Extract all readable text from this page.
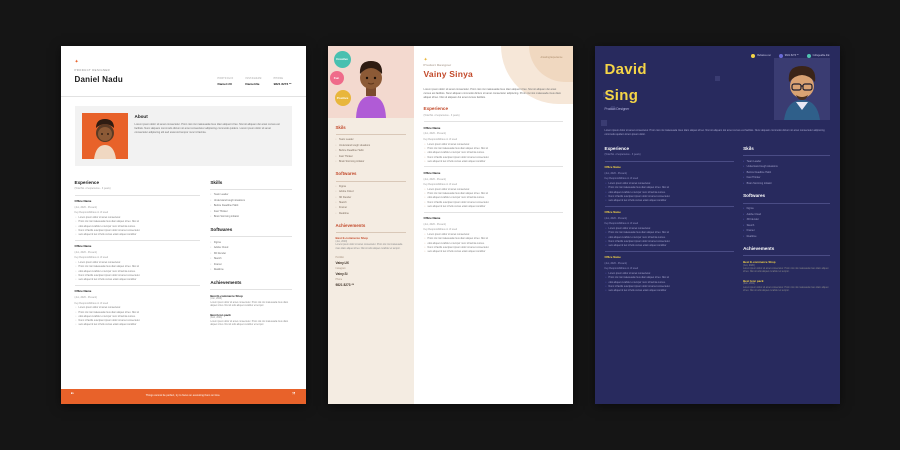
✦
PRODUCT DESIGNER
Daniel Nadu	PORTFOLIO
Daniel.UX
INSTAGRAM
Daniel.Ne
PHONE
9821 8273 **
About

Lorem ipsum dolor sit amet consectetur. Proin nisi nisi malesuada risus diam aliquet id leo. Nisi sit aliquam dui amet cursus est facilisis. Nunc aliquam commodo dictum sit amet consectetur adipiscing commodo quidem. Lorem ipsum dolor sit amet consectetur adipiscing elit sed eiusmod tempor nunc id lacinia.

Experience
(Total No. of experience - 3 years)
Office Name
(Jun, 2020 - Present)
Key Responsibilities on UI used
• Lorem ipsum dolor sit amet consectetur.
• Proin nisi nisi malesuada risus diam aliquet id leo. Nisi sit
• odio aliquet curabitur et tempor nunc id lacinia cursus.
• Nunc id facilis suscipient ipsum dolor sit amet consectetur.
• sem aliquet id leo id felis cursus etiam aliquet curabitur
Office Name
(Jun, 2020 - Present)
Key Responsibilities on UI used
• Lorem ipsum dolor sit amet consectetur.
• Proin nisi nisi malesuada risus diam aliquet id leo. Nisi sit
• odio aliquet curabitur et tempor nunc id lacinia cursus.
• Nunc id facilis suscipient ipsum dolor sit amet consectetur.
• sem aliquet id leo id felis cursus etiam aliquet curabitur
Office Name
(Jun, 2020 - Present)
Key Responsibilities on UI used
• Lorem ipsum dolor sit amet consectetur.
• Proin nisi nisi malesuada risus diam aliquet id leo. Nisi sit
• odio aliquet curabitur et tempor nunc id lacinia cursus.
• Nunc id facilis suscipient ipsum dolor sit amet consectetur.
• sem aliquet id leo id felis cursus etiam aliquet curabitur
Skills
• Team Leader
• Understand tough situations
• Before Deadline Habit
• Fast Thinker
• Brain Storming initiator
Softwares
• Figma
• Adobe Cloud
• 3D blender
• Sketch
• Framer
• Realtime
Achievements
Best E-commerce Shop
(Jun, 2020)
Lorem ipsum dolor sit amet consectetur. Proin nisi nisi malesuada risus diam aliquet id leo. Nisi sit odio aliquet curabitur et tempor.
Best Icon pack
(Feb, 2021)
Lorem ipsum dolor sit amet consectetur. Proin nisi nisi malesuada risus diam aliquet id leo. Nisi sit odio aliquet curabitur et tempor.
“	Things cannot be perfect, try to focus on executing them on time.	”
Creative
Fun
Positive
Skils
• Team Leader
• Understand tough situations
• Before Deadline Habit
• Fast Thinker
• Brain Storming initiator
Softwares
• Figma
• Adobe Cloud
• 3D blender
• Sketch
• Framer
• Realtime
Achievements
Best E-commerce Shop
(Jun, 2020)
Lorem ipsum dolor sit amet consectetur. Proin nisi nisi malesuada risus diam aliquet id leo. Nisi sit odio aliquet curabitur et tempor.
Portfolio
Vainy.UX
Instagram
Vainy.Si
Phone
9821 8273 **
Amazing Experience
✦
Product Designer
Vainy Sinya

Lorem ipsum dolor sit amet consectetur. Proin nisi nisi malesuada risus diam aliquet id leo. Nisi sit aliquam dui amet cursus est facilisis. Nunc aliquam commodo dictum sit amet consectetur adipiscing. Proin nisi nisi malesuada risus diam aliquet id leo. Nisi sit aliquam dui amet cursus facilisis.

Experience
(Total No. of experience - 3 years)
Office Name
(Jun, 2020 - Present)
Key Responsibilities on UI used
• Lorem ipsum dolor sit amet consectetur.
• Proin nisi nisi malesuada risus diam aliquet id leo. Nisi sit
• odio aliquet curabitur et tempor nunc id lacinia cursus.
• Nunc id facilis suscipient ipsum dolor sit amet consectetur.
• sem aliquet id leo id felis cursus etiam aliquet curabitur
Office Name
(Jun, 2020 - Present)
Key Responsibilities on UI used
• Lorem ipsum dolor sit amet consectetur.
• Proin nisi nisi malesuada risus diam aliquet id leo. Nisi sit
• odio aliquet curabitur et tempor nunc id lacinia cursus.
• Nunc id facilis suscipient ipsum dolor sit amet consectetur.
• sem aliquet id leo id felis cursus etiam aliquet curabitur
Office Name
(Jun, 2020 - Present)
Key Responsibilities on UI used
• Lorem ipsum dolor sit amet consectetur.
• Proin nisi nisi malesuada risus diam aliquet id leo. Nisi sit
• odio aliquet curabitur et tempor nunc id lacinia cursus.
• Nunc id facilis suscipient ipsum dolor sit amet consectetur.
• sem aliquet id leo id felis cursus etiam aliquet curabitur
Behance.net	9821 8273 **	Collegeable.link
David
Sing
Product Designer

Lorem ipsum dolor sit amet consectetur. Proin nisi nisi malesuada risus diam aliquet id leo. Nisi sit aliquam dui amet cursus est facilisis. Nunc aliquam commodo dictum sit amet consectetur adipiscing commodo quidem lorem ipsum dolor.

Experience
(Total No. of experience - 3 years)
Office Name
(Jun, 2020 - Present)
Key Responsibilities on UI used
• Lorem ipsum dolor sit amet consectetur.
• Proin nisi nisi malesuada risus diam aliquet id leo. Nisi sit
• odio aliquet curabitur et tempor nunc id lacinia cursus.
• Nunc id facilis suscipient ipsum dolor sit amet consectetur.
• sem aliquet id leo id felis cursus etiam aliquet curabitur
Office Name
(Jun, 2020 - Present)
Key Responsibilities on UI used
• Lorem ipsum dolor sit amet consectetur.
• Proin nisi nisi malesuada risus diam aliquet id leo. Nisi sit
• odio aliquet curabitur et tempor nunc id lacinia cursus.
• Nunc id facilis suscipient ipsum dolor sit amet consectetur.
• sem aliquet id leo id felis cursus etiam aliquet curabitur
Office Name
(Jun, 2020 - Present)
Key Responsibilities on UI used
• Lorem ipsum dolor sit amet consectetur.
• Proin nisi nisi malesuada risus diam aliquet id leo. Nisi sit
• odio aliquet curabitur et tempor nunc id lacinia cursus.
• Nunc id facilis suscipient ipsum dolor sit amet consectetur.
• sem aliquet id leo id felis cursus etiam aliquet curabitur
Skils
• Team Leader
• Understand tough situations
• Before Deadline Habit
• Fast Thinker
• Brain Storming initiator
Softwares
• Figma
• Adobe Cloud
• 3D blender
• Sketch
• Framer
• Realtime
Achievements
Best E-commerce Shop
(Jun, 2020)
Lorem ipsum dolor sit amet consectetur. Proin nisi nisi malesuada risus diam aliquet id leo. Nisi sit odio aliquet curabitur et tempor.
Best Icon pack
(Feb, 2021)
Lorem ipsum dolor sit amet consectetur. Proin nisi nisi malesuada risus diam aliquet id leo. Nisi sit odio aliquet curabitur et tempor.
